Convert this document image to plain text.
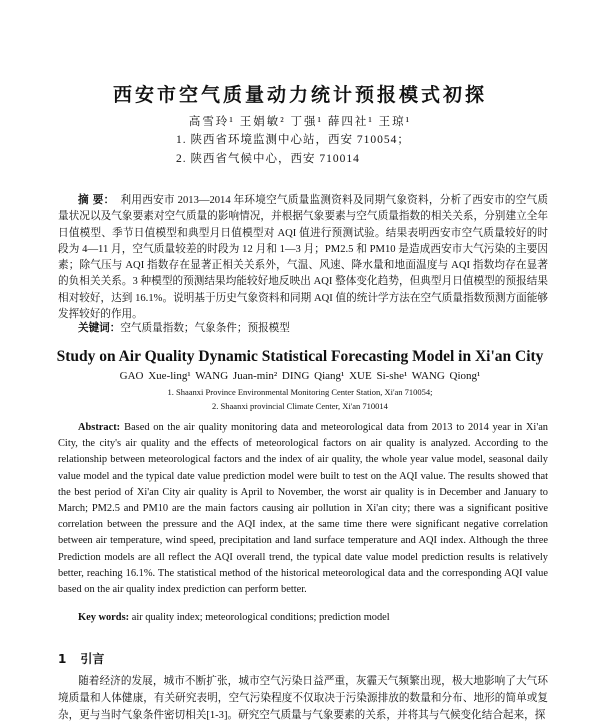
西安市空气质量动力统计预报模式初探
高雪玲¹ 王娟敏² 丁强¹ 薛四社¹ 王琼¹
1. 陕西省环境监测中心站，西安 710054；
2. 陕西省气候中心，西安 710014
摘 要： 利用西安市 2013—2014 年环境空气质量监测资料及同期气象资料，分析了西安市的空气质量状况以及气象要素对空气质量的影响情况，并根据气象要素与空气质量指数的相关关系，分别建立全年日值模型、季节日值模型和典型月日值模型对 AQI 值进行预测试验。结果表明西安市空气质量较好的时段为 4—11 月，空气质量较差的时段为 12 月和 1—3 月；PM2.5 和 PM10 是造成西安市大气污染的主要因素；除气压与 AQI 指数存在显著正相关关系外，气温、风速、降水量和地面温度与 AQI 指数均存在显著的负相关关系。3 种模型的预测结果均能较好地反映出 AQI 整体变化趋势，但典型月日值模型的预报结果相对较好，达到 16.1%。说明基于历史气象资料和同期 AQI 值的统计学方法在空气质量指数预测方面能够发挥较好的作用。
关键词：空气质量指数；气象条件；预报模型
Study on Air Quality Dynamic Statistical Forecasting Model in Xi'an City
GAO Xue-ling¹ WANG Juan-min² DING Qiang¹ XUE Si-she¹ WANG Qiong¹
1. Shaanxi Province Environmental Monitoring Center Station, Xi'an 710054;
2. Shaanxi provincial Climate Center, Xi'an 710014
Abstract: Based on the air quality monitoring data and meteorological data from 2013 to 2014 year in Xi'an City, the city's air quality and the effects of meteorological factors on air quality is analyzed. According to the relationship between meteorological factors and the index of air quality, the whole year value model, seasonal daily value model and the typical date value prediction model were built to test on the AQI value. The results showed that the best period of Xi'an City air quality is April to November, the worst air quality is in December and January to March; PM2.5 and PM10 are the main factors causing air pollution in Xi'an city; there was a significant positive correlation between the pressure and the AQI index, at the same time there were significant negative correlation between air temperature, wind speed, precipitation and land surface temperature and AQI index. Although the three Prediction models are all reflect the AQI overall trend, the typical date value model prediction results is relatively better, reaching 16.1%. The statistical method of the historical meteorological data and the corresponding AQI value based on the air quality index prediction can perform better.
Key words: air quality index; meteorological conditions; prediction model
1 引言
随着经济的发展，城市不断扩张，城市空气污染日益严重，灰霾天气频繁出现，极大地影响了大气环境质量和人体健康，有关研究表明，空气污染程度不仅取决于污染源排放的数量和分布、地形的简单或复杂，更与当时气象条件密切相关[1-3]。研究空气质量与气象要素的关系，并将其与气候变化结合起来，探
